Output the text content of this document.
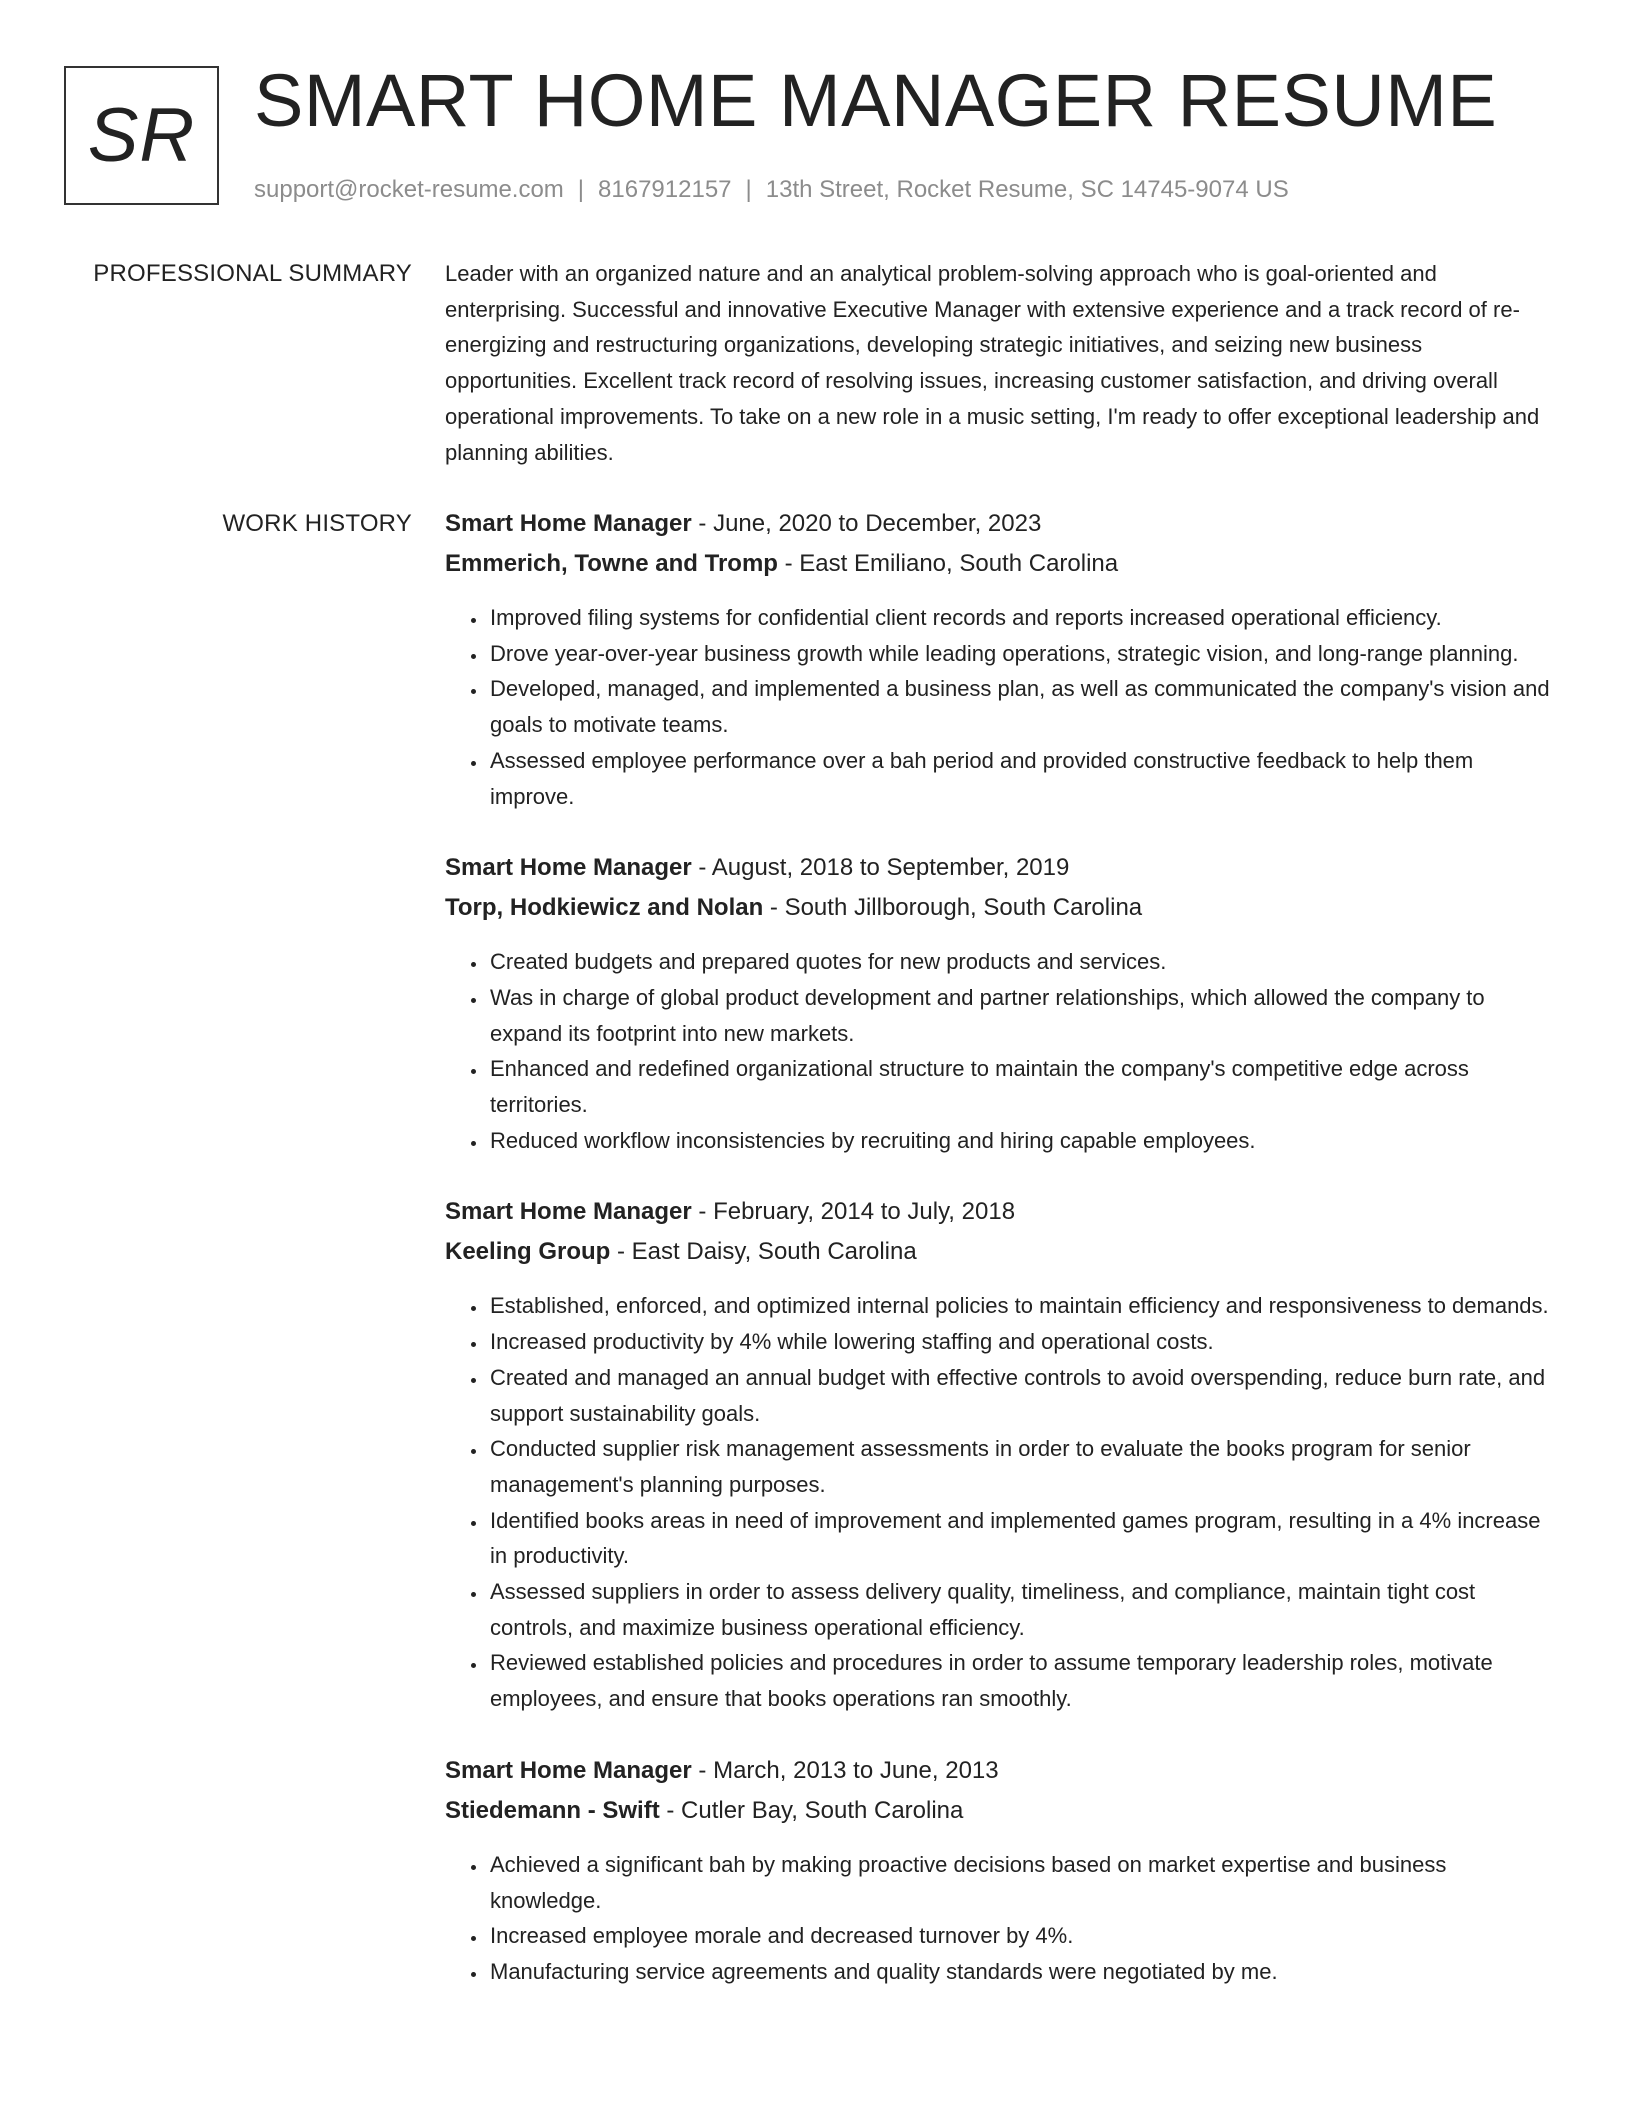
SR SMART HOME MANAGER RESUME
support@rocket-resume.com | 8167912157 | 13th Street, Rocket Resume, SC 14745-9074 US
PROFESSIONAL SUMMARY Leader with an organized nature and an analytical problem-solving approach who is goal-oriented and enterprising. Successful and innovative Executive Manager with extensive experience and a track record of re-energizing and restructuring organizations, developing strategic initiatives, and seizing new business opportunities. Excellent track record of resolving issues, increasing customer satisfaction, and driving overall operational improvements. To take on a new role in a music setting, I'm ready to offer exceptional leadership and planning abilities.

WORK HISTORY Smart Home Manager - June, 2020 to December, 2023
Emmerich, Towne and Tromp - East Emiliano, South Carolina
• Improved filing systems for confidential client records and reports increased operational efficiency.
• Drove year-over-year business growth while leading operations, strategic vision, and long-range planning.
• Developed, managed, and implemented a business plan, as well as communicated the company's vision and goals to motivate teams.
• Assessed employee performance over a bah period and provided constructive feedback to help them improve.
Smart Home Manager - August, 2018 to September, 2019
Torp, Hodkiewicz and Nolan - South Jillborough, South Carolina
• Created budgets and prepared quotes for new products and services.
• Was in charge of global product development and partner relationships, which allowed the company to expand its footprint into new markets.
• Enhanced and redefined organizational structure to maintain the company's competitive edge across territories.
• Reduced workflow inconsistencies by recruiting and hiring capable employees.
Smart Home Manager - February, 2014 to July, 2018
Keeling Group - East Daisy, South Carolina
• Established, enforced, and optimized internal policies to maintain efficiency and responsiveness to demands.
• Increased productivity by 4% while lowering staffing and operational costs.
• Created and managed an annual budget with effective controls to avoid overspending, reduce burn rate, and support sustainability goals.
• Conducted supplier risk management assessments in order to evaluate the books program for senior management's planning purposes.
• Identified books areas in need of improvement and implemented games program, resulting in a 4% increase in productivity.
• Assessed suppliers in order to assess delivery quality, timeliness, and compliance, maintain tight cost controls, and maximize business operational efficiency.
• Reviewed established policies and procedures in order to assume temporary leadership roles, motivate employees, and ensure that books operations ran smoothly.
Smart Home Manager - March, 2013 to June, 2013
Stiedemann - Swift - Cutler Bay, South Carolina
• Achieved a significant bah by making proactive decisions based on market expertise and business knowledge.
• Increased employee morale and decreased turnover by 4%.
• Manufacturing service agreements and quality standards were negotiated by me.
